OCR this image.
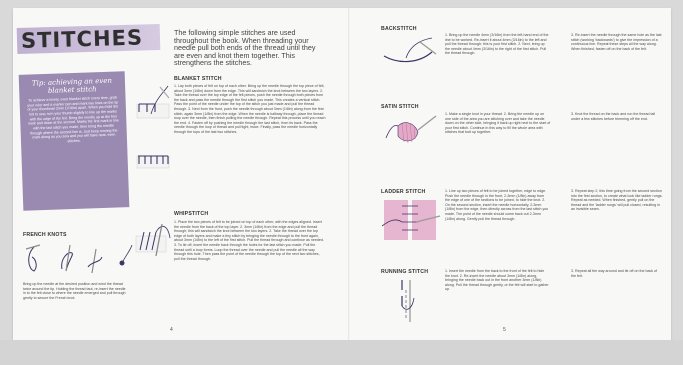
STITCHES
Tip: achieving an even blanket stitch
To achieve a lovely, even blanket stitch every time, grab your ruler and a marker pen and mark two lines on the tip of your thumbnail 2mm (1/16in) apart. When you hold the felt to sew, turn your thumb slightly to line up the marks with the edge of the felt. Bring the needle up at the first mark and down at the second. Marks the first mark in line with the last stitch you made, then bring the needle through where the second line is. Just keep moving the mark along as you sew and you will have neat, even stitches.
The following simple stitches are used throughout the book. When threading your needle pull both ends of the thread until they are even and knot them together. This strengthens the stitches.
BLANKET STITCH
1. Lay both pieces of felt on top of each other. Bring up the needle through the top piece of felt, about 3mm (1/8in) down from the edge. This will sandwich the knot between the two layers. 2. Take the thread over the top edge of the felt pieces, push the needle through both pieces from the back and pass the needle through the first stitch you made. This creates a vertical stitch. Pass the point of the needle under the top of the stitch you just made and pull the thread through. 3. Next from the front, push the needle through about 3mm (1/8in) along from the first stitch, again 3mm (1/8in) from the edge. When the needle is halfway through, place the thread loop over the needle, then finish pulling the needle through. Repeat this process until you reach the end. 4. Fasten off by pushing the needle through the last stitch, from its back. Pass the needle through the loop of thread and pull tight, twice. Finally, pass the needle horizontally through the tops of the last two stitches.
WHIPSTITCH
1. Place the two pieces of felt to be joined on top of each other, with the edges aligned. Insert the needle from the back of the top layer. 2. 3mm (1/8in) from the edge and pull the thread through; this will sandwich the knot between the two layers. 2. Take the thread over the top edge of both layers and make a tiny stitch by bringing the needle through to the front again, about 3mm (1/8in) to the left of the first stitch. Pull the thread through and continue as needed. 3. To tie off, insert the needle back through the holes for the last stitch you made. Pull the thread until a loop forms. Loop the thread over the needle and pull the needle all the way through this hole. Then pass the point of the needle through the top of the next two stitches, pull the thread through.
FRENCH KNOTS
Bring up the needle at the desired position and wind the thread twice around the tip. Holding the thread taut, re-insert the needle in to the felt close to where the needle emerged and pull through gently to secure the French knot.
4
BACKSTITCH
1. Bring up the needle 4mm (3/16in) from the left-hand end of the line to be worked. Re-insert it about 4mm (3/16in) to the left and pull the thread through; this is your first stitch. 2. Next, bring up the needle about 4mm (3/16in) to the right of the first stitch. Pull the thread through.
3. Re-insert the needle through the same hole as the last stitch (working 'backwards') to give the impression of a continuous line. Repeat these steps all the way along. When finished, fasten off on the back of the felt.
SATIN STITCH
1. Make a single knot in your thread. 2. Bring the needle up on one side of the area you are stitching over and take the needle down on the other side, bringing it back up right next to the start of your first stitch. Continue in this way to fill the whole area with stitches that butt up together.
3. Knot the thread on the back and run the thread tail under a few stitches before trimming off the end.
LADDER STITCH	1. Line up two pieces of felt to be joined together, edge to edge. Push the needle through in the front, 2-3mm (1/8in) away from the edge of one of the sections to be joined, to hide the knot. 2. On the second section, insert the needle horizontally, 2-3mm (1/8in) from the edge, then directly across from the last stitch you made. The point of the needle should come back out 2-3mm (1/8in) along. Gently pull the thread through.
3. Repeat step 2, this time going from the second section into the first section, to create what look like ladder rungs. Repeat as needed. When finished, gently pull on the thread and the 'ladder rungs' will pull closed, resulting in an invisible seam.
RUNNING STITCH	1. Insert the needle from the back to the front of the felt to hide the knot. 2. Re-insert the needle about 3mm (1/8in) along, bringing the needle back out in the front another 3mm (1/8in) along. Pull the thread through gently, or the felt will start to gather up.
3. Repeat all the way around and tie off on the back of the felt.
5
